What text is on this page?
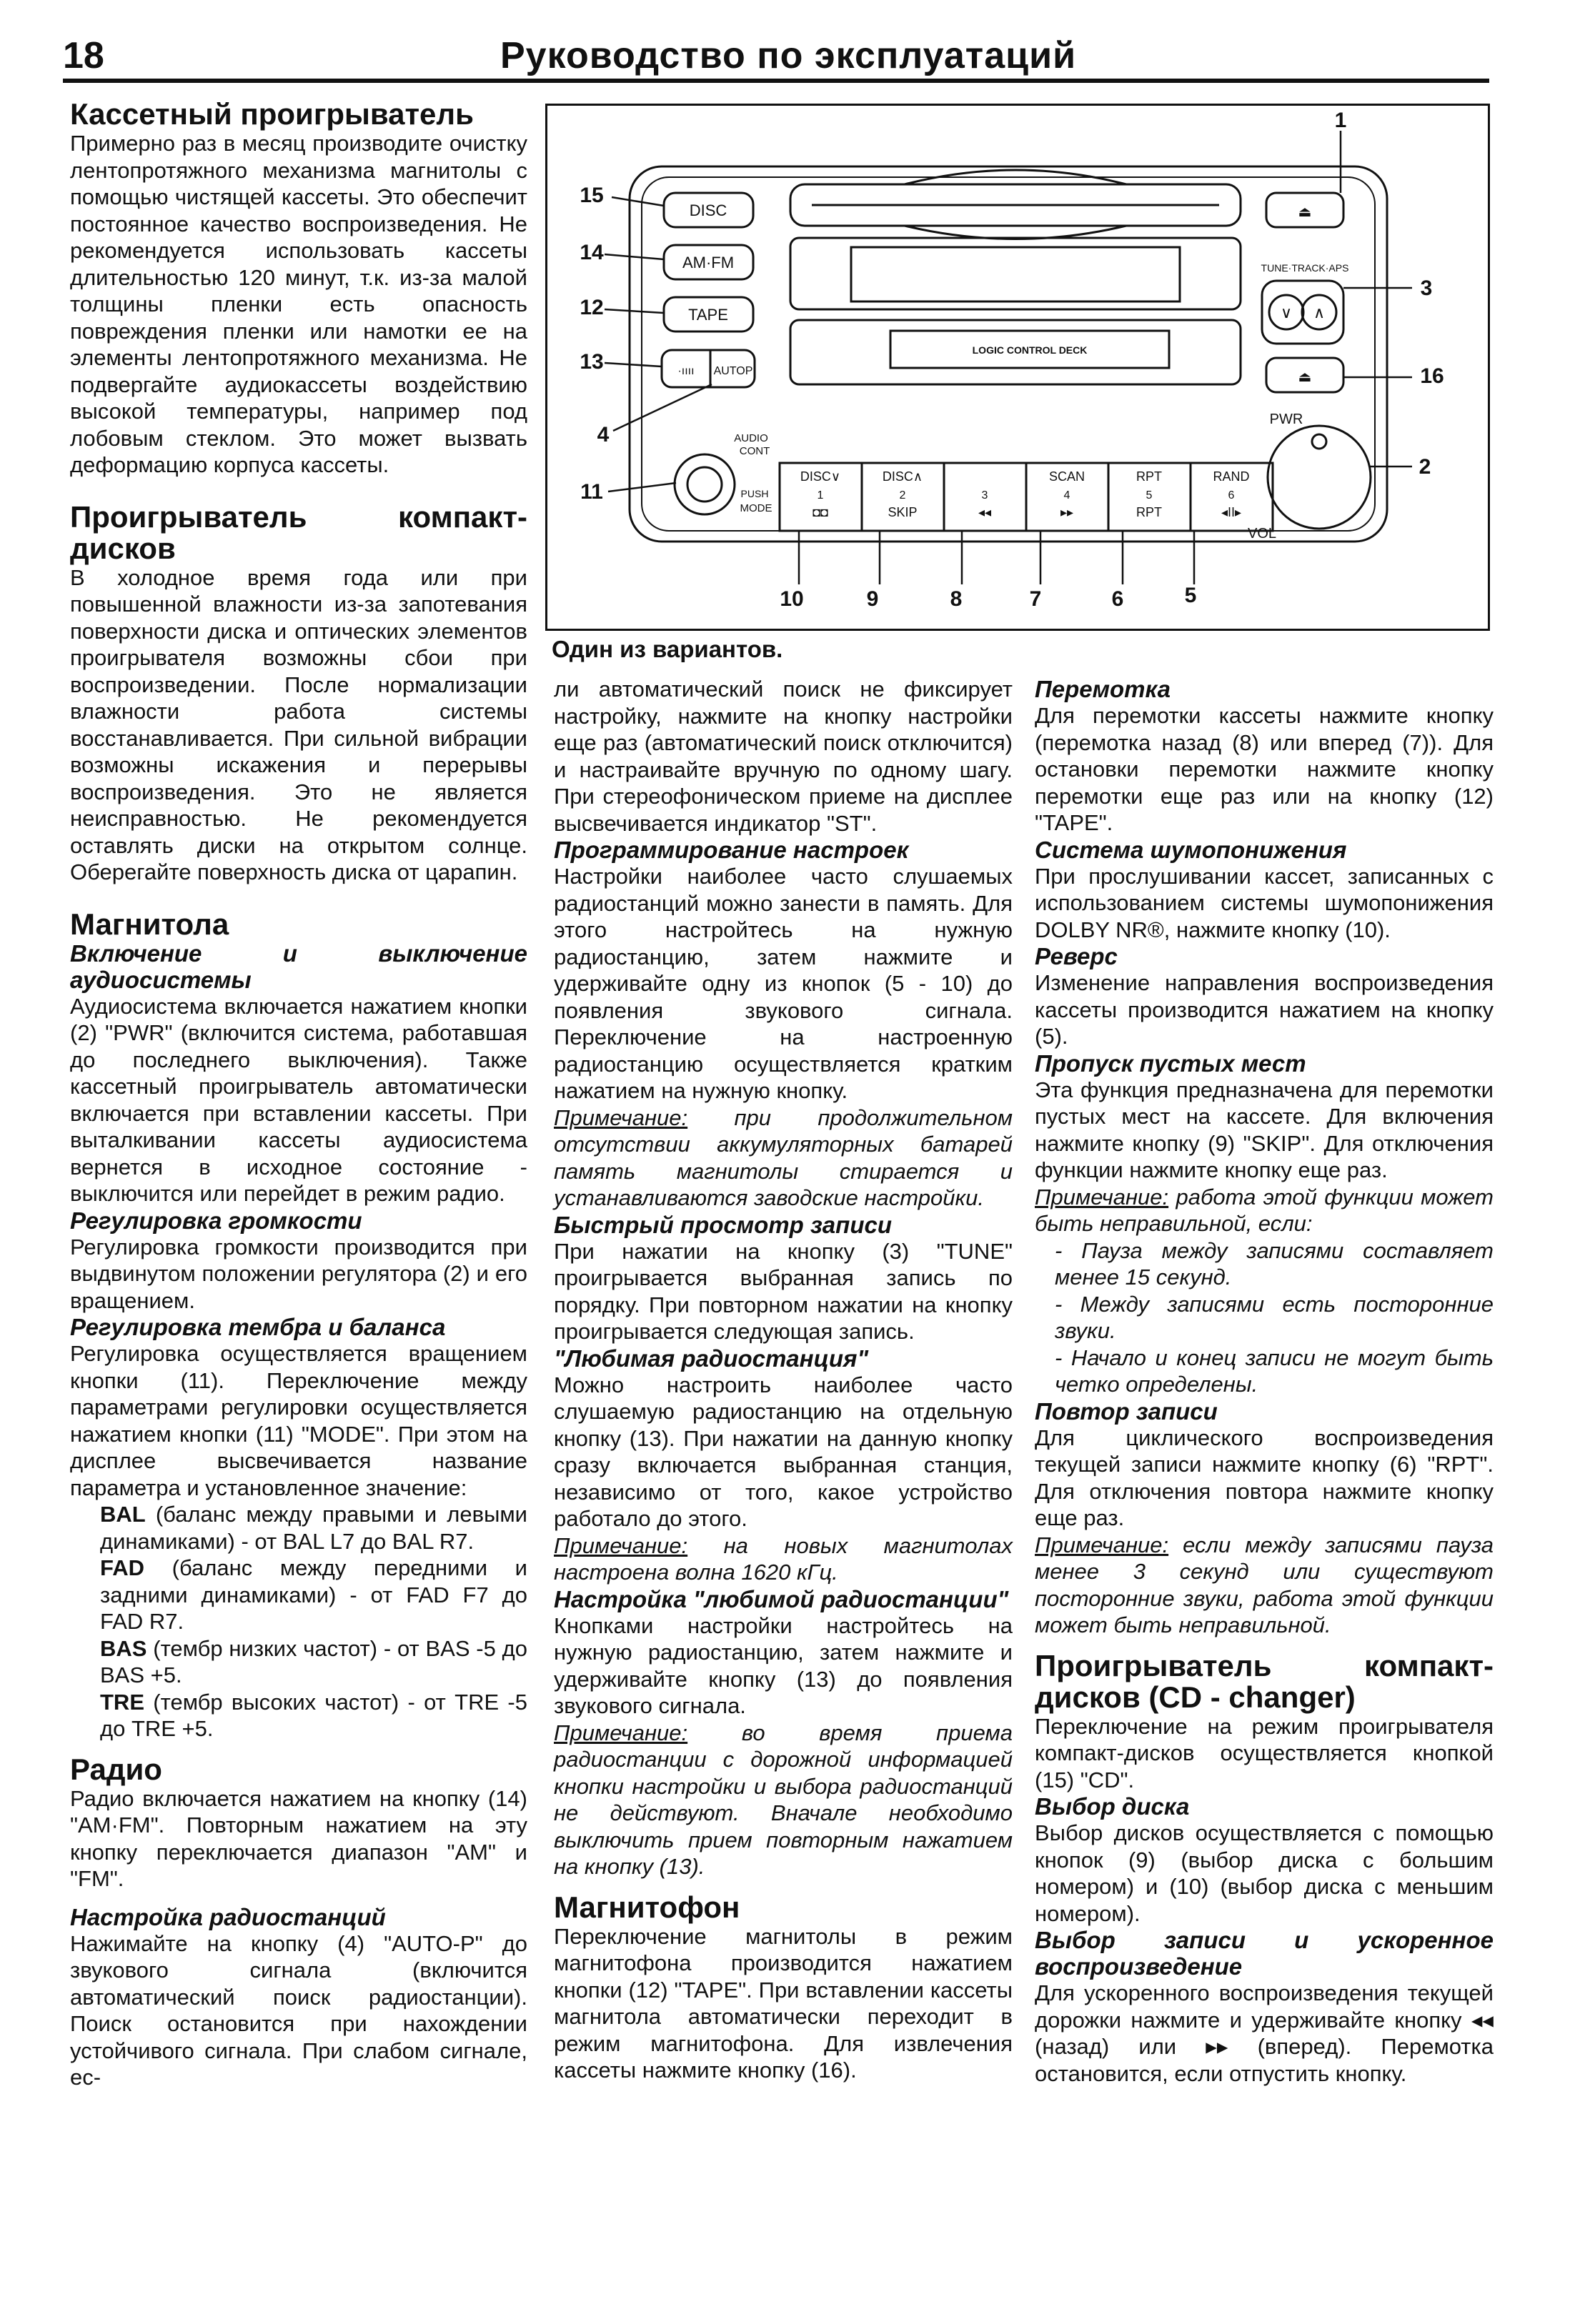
18	Руководство по эксплуатаций
Кассетный проигрыватель

Примерно раз в месяц производите очистку лентопротяжного механизма магнитолы с помощью чистящей кассеты. Это обеспечит постоянное качество воспроизведения. Не рекомендуется использовать кассеты длительностью 120 минут, т.к. из-за малой толщины пленки есть опасность повреждения пленки или намотки ее на элементы лентопротяжного механизма. Не подвергайте аудиокассеты воздействию высокой температуры, например под лобовым стеклом. Это может вызвать деформацию корпуса кассеты.

Проигрыватель компакт-дисков

В холодное время года или при повышенной влажности из-за запотевания поверхности диска и оптических элементов проигрывателя возможны сбои при воспроизведении. После нормализации влажности работа системы восстанавливается. При сильной вибрации возможны искажения и перерывы воспроизведения. Это не является неисправностью. Не рекомендуется оставлять диски на открытом солнце. Оберегайте поверхность диска от царапин.

Магнитола
Включение и выключение аудиосистемы

Аудиосистема включается нажатием кнопки (2) "PWR" (включится система, работавшая до последнего выключения). Также кассетный проигрыватель автоматически включается при вставлении кассеты. При выталкивании кассеты аудиосистема вернется в исходное состояние - выключится или перейдет в режим радио.

Регулировка громкости

Регулировка громкости производится при выдвинутом положении регулятора (2) и его вращением.

Регулировка тембра и баланса

Регулировка осуществляется вращением кнопки (11). Переключение между параметрами регулировки осуществляется нажатием кнопки (11) "MODE". При этом на дисплее высвечивается название параметра и установленное значение:

BAL (баланс между правыми и левыми динамиками) - от BAL L7 до BAL R7.

FAD (баланс между передними и задними динамиками) - от FAD F7 до FAD R7.

BAS (тембр низких частот) - от BAS -5 до BAS +5.

TRE (тембр высоких частот) - от TRE -5 до TRE +5.

Радио

Радио включается нажатием на кнопку (14) "AM·FM". Повторным нажатием на эту кнопку переключается диапазон "AM" и "FM".

Настройка радиостанций

Нажимайте на кнопку (4) "AUTO-P" до звукового сигнала (включится автоматический поиск радиостанции). Поиск остановится при нахождении устойчивого сигнала. При слабом сигнале, ес-

DISC
AM·FM
TAPE
AUTOP
·ıııı
LOGIC CONTROL DECK
TUNE·TRACK·APS
∨ ∧
⏏
⏏
PWR
VOL
AUDIO
CONT
PUSH
MODE
DISC∨
1
◘◘
DISC∧
2
SKIP
3
◂◂
SCAN
4
▸▸
RPT
5
RPT
RAND
6
◂II▸
15
14
12
13
4
11
1
3
16
2
10	9	8	7	6	5
Один из вариантов.

ли автоматический поиск не фиксирует настройку, нажмите на кнопку настройки еще раз (автоматический поиск отключится) и настраивайте вручную по одному шагу. При стереофоническом приеме на дисплее высвечивается индикатор "ST".

Программирование настроек

Настройки наиболее часто слушаемых радиостанций можно занести в память. Для этого настройтесь на нужную радиостанцию, затем нажмите и удерживайте одну из кнопок (5 - 10) до появления звукового сигнала. Переключение на настроенную радиостанцию осуществляется кратким нажатием на нужную кнопку.

Примечание: при продолжительном отсутствии аккумуляторных батарей память магнитолы стирается и устанавливаются заводские настройки.

Быстрый просмотр записи

При нажатии на кнопку (3) "TUNE" проигрывается выбранная запись по порядку. При повторном нажатии на кнопку проигрывается следующая запись.

"Любимая радиостанция"

Можно настроить наиболее часто слушаемую радиостанцию на отдельную кнопку (13). При нажатии на данную кнопку сразу включается выбранная станция, независимо от того, какое устройство работало до этого.

Примечание: на новых магнитолах настроена волна 1620 кГц.

Настройка "любимой радиостанции"

Кнопками настройки настройтесь на нужную радиостанцию, затем нажмите и удерживайте кнопку (13) до появления звукового сигнала.

Примечание: во время приема радиостанции с дорожной информацией кнопки настройки и выбора радиостанций не действуют. Вначале необходимо выключить прием повторным нажатием на кнопку (13).

Магнитофон

Переключение магнитолы в режим магнитофона производится нажатием кнопки (12) "TAPE". При вставлении кассеты магнитола автоматически переходит в режим магнитофона. Для извлечения кассеты нажмите кнопку (16).

Перемотка

Для перемотки кассеты нажмите кнопку (перемотка назад (8) или вперед (7)). Для остановки перемотки нажмите кнопку перемотки еще раз или на кнопку (12) "TAPE".

Система шумопонижения

При прослушивании кассет, записанных с использованием системы шумопонижения DOLBY NR®, нажмите кнопку (10).

Реверс

Изменение направления воспроизведения кассеты производится нажатием на кнопку (5).

Пропуск пустых мест

Эта функция предназначена для перемотки пустых мест на кассете. Для включения нажмите кнопку (9) "SKIP". Для отключения функции нажмите кнопку еще раз.

Примечание: работа этой функции может быть неправильной, если:

- Пауза между записями составляет менее 15 секунд.

- Между записями есть посторонние звуки.

- Начало и конец записи не могут быть четко определены.

Повтор записи

Для циклического воспроизведения текущей записи нажмите кнопку (6) "RPT". Для отключения повтора нажмите кнопку еще раз.

Примечание: если между записями пауза менее 3 секунд или существуют посторонние звуки, работа этой функции может быть неправильной.

Проигрыватель компакт-дисков (CD - changer)

Переключение на режим проигрывателя компакт-дисков осуществляется кнопкой (15) "CD".

Выбор диска

Выбор дисков осуществляется с помощью кнопок (9) (выбор диска с большим номером) и (10) (выбор диска с меньшим номером).

Выбор записи и ускоренное воспроизведение

Для ускоренного воспроизведения текущей дорожки нажмите и удерживайте кнопку ◂◂ (назад) или ▸▸ (вперед). Перемотка остановится, если отпустить кнопку.
